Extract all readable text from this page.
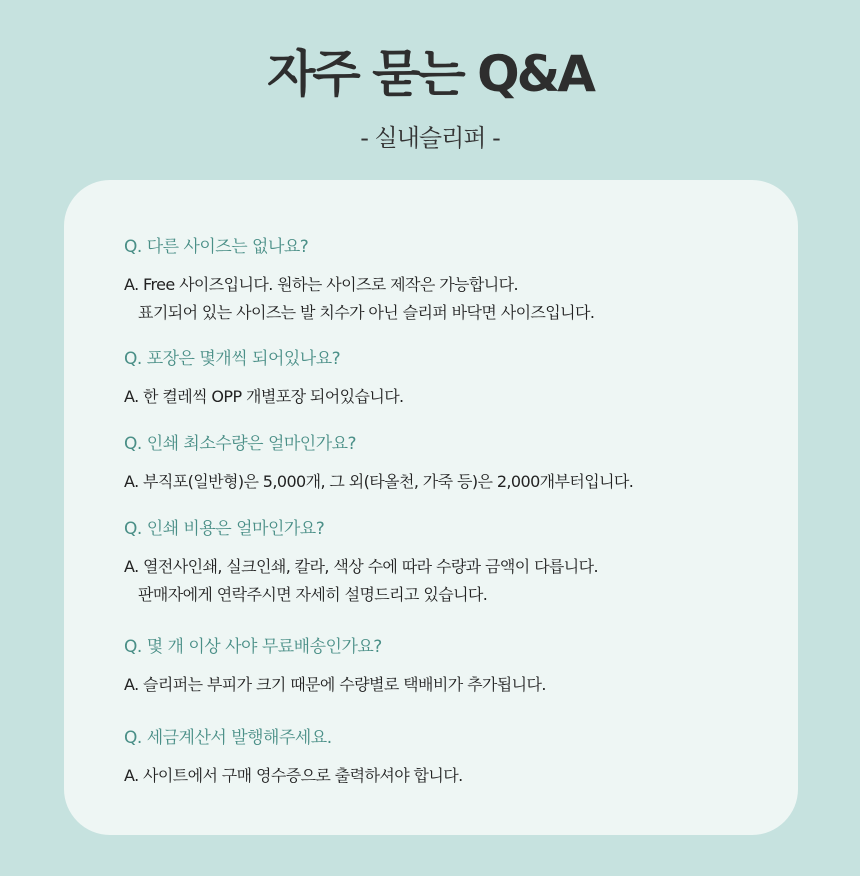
자주 묻는 Q&A
- 실내슬리퍼 -
Q. 다른 사이즈는 없나요?
A. Free 사이즈입니다. 원하는 사이즈로 제작은 가능합니다.
표기되어 있는 사이즈는 발 치수가 아닌 슬리퍼 바닥면 사이즈입니다.
Q. 포장은 몇개씩 되어있나요?
A. 한 켤레씩 OPP 개별포장 되어있습니다.
Q. 인쇄 최소수량은 얼마인가요?
A. 부직포(일반형)은 5,000개, 그 외(타올천, 가죽 등)은 2,000개부터입니다.
Q. 인쇄 비용은 얼마인가요?
A. 열전사인쇄, 실크인쇄, 칼라, 색상 수에 따라 수량과 금액이 다릅니다.
판매자에게 연락주시면 자세히 설명드리고 있습니다.
Q. 몇 개 이상 사야 무료배송인가요?
A. 슬리퍼는 부피가 크기 때문에 수량별로 택배비가 추가됩니다.
Q. 세금계산서 발행해주세요.
A. 사이트에서 구매 영수증으로 출력하셔야 합니다.
